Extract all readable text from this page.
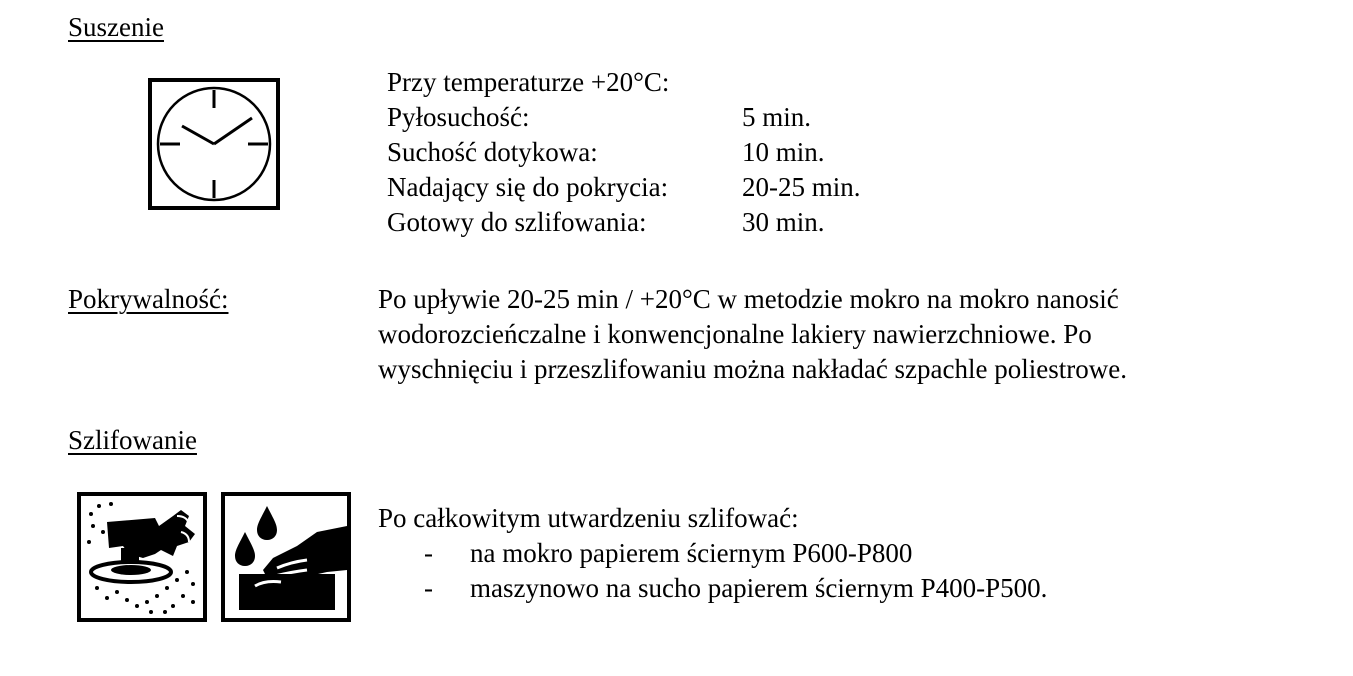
Suszenie
Przy temperaturze +20°C:
Pyłosuchość:	5 min.
Suchość dotykowa:	10 min.
Nadający się do pokrycia:	20-25 min.
Gotowy do szlifowania:	30 min.
Pokrywalność:	Po upływie 20-25 min / +20°C w metodzie mokro na mokro nanosić
wodorozcieńczalne i konwencjonalne lakiery nawierzchniowe. Po
wyschnięciu i przeszlifowaniu można nakładać szpachle poliestrowe.
Szlifowanie
Po całkowitym utwardzeniu szlifować:
- na mokro papierem ściernym P600-P800
- maszynowo na sucho papierem ściernym P400-P500.
